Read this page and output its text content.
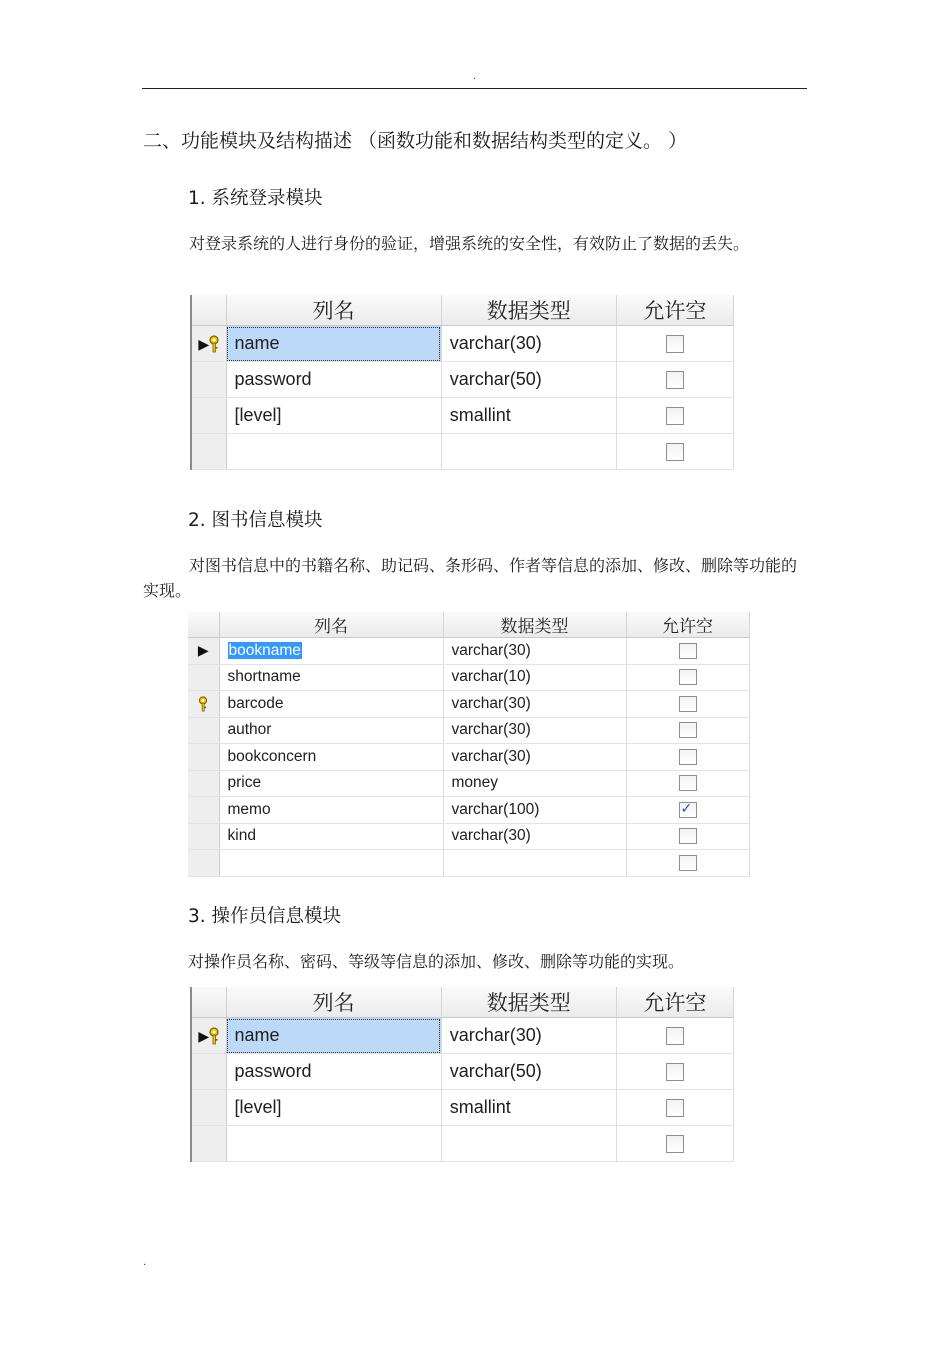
.
二、功能模块及结构描述 （函数功能和数据结构类型的定义。 ）
1. 系统登录模块
对登录系统的人进行身份的验证，增强系统的安全性，有效防止了数据的丢失。
	列名	数据类型	允许空
▶	name	varchar(30)	
	password	varchar(50)	
	[level]	smallint	

2. 图书信息模块
对图书信息中的书籍名称、助记码、条形码、作者等信息的添加、修改、删除等功能的实现。
	列名	数据类型	允许空
▶	bookname	varchar(30)	
	shortname	varchar(10)	
	barcode	varchar(30)	
	author	varchar(30)	
	bookconcern	varchar(30)	
	price	money	
	memo	varchar(100)	✓
	kind	varchar(30)	

3. 操作员信息模块
对操作员名称、密码、等级等信息的添加、修改、删除等功能的实现。
	列名	数据类型	允许空
▶	name	varchar(30)	
	password	varchar(50)	
	[level]	smallint	

.
